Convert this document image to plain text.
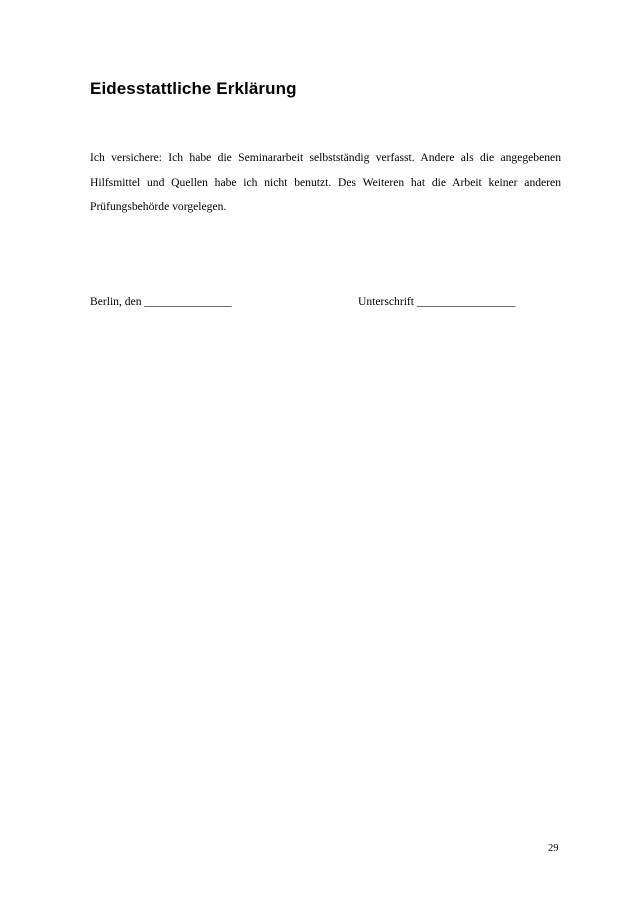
Eidesstattliche Erklärung

Ich versichere: Ich habe die Seminararbeit selbstständig verfasst. Andere als die angegebenen Hilfsmittel und Quellen habe ich nicht benutzt. Des Weiteren hat die Arbeit keiner anderen Prüfungsbehörde vorgelegen.

Berlin, den _______________	Unterschrift _________________

29
